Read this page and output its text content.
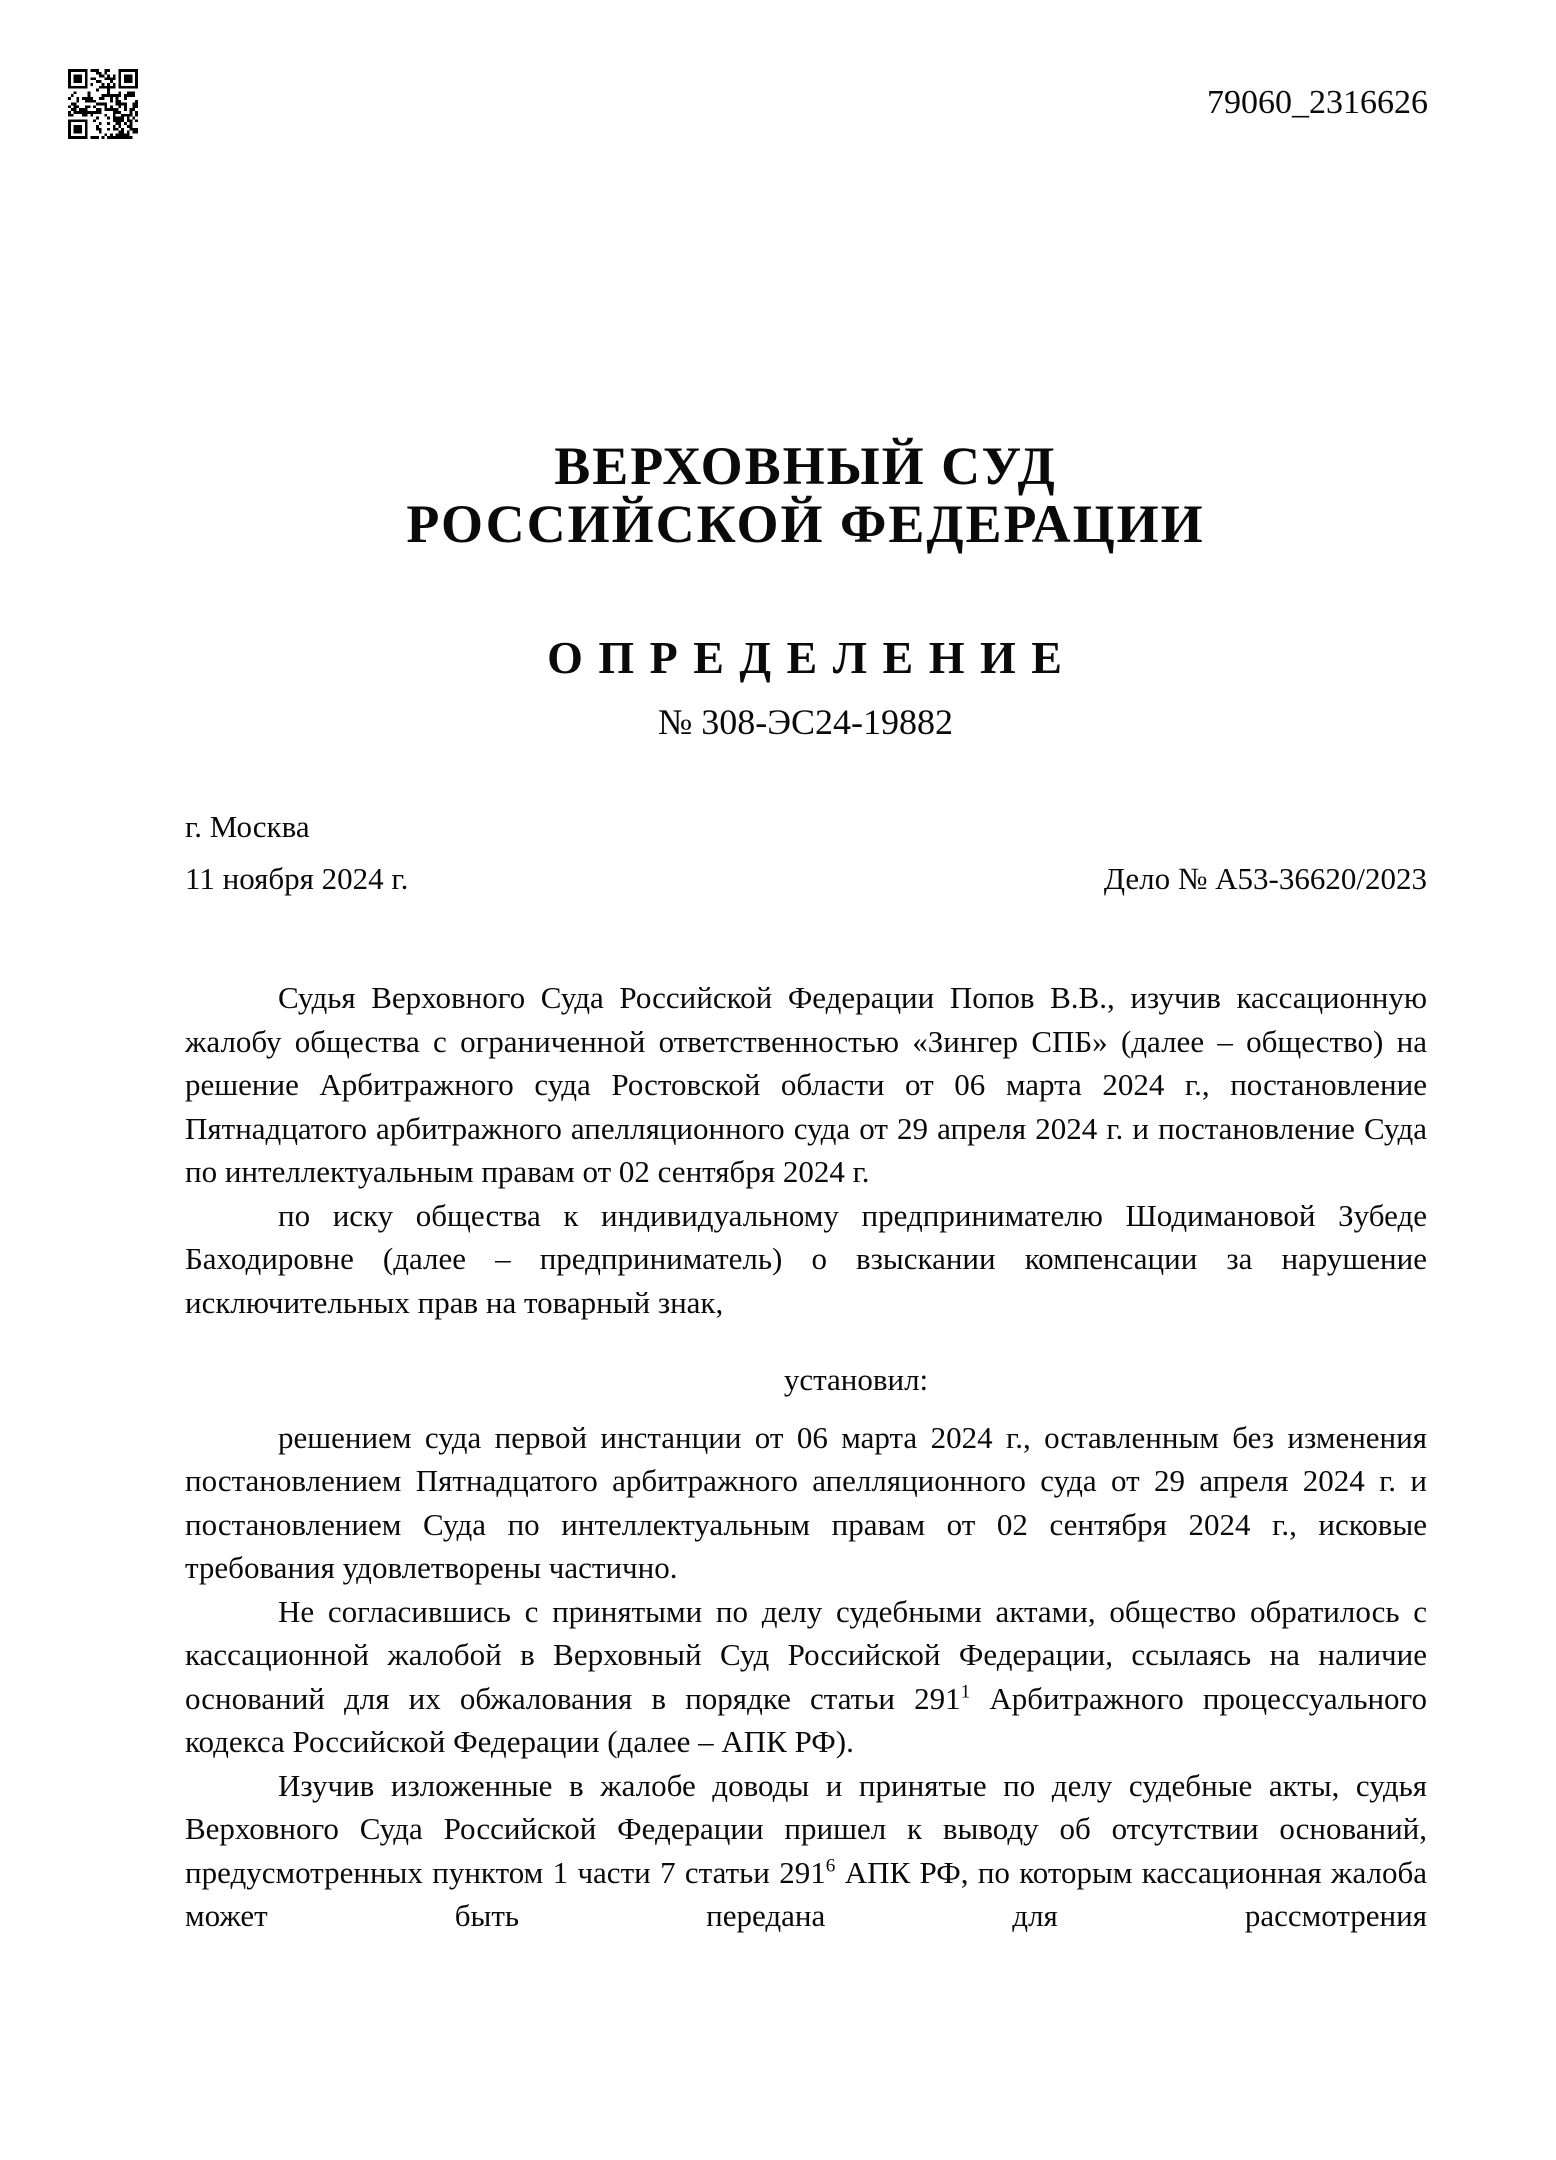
79060_2316626
ВЕРХОВНЫЙ СУД
РОССИЙСКОЙ ФЕДЕРАЦИИ
О П Р Е Д Е Л Е Н И Е
№ 308-ЭС24-19882
г. Москва
11 ноября 2024 г.	Дело № А53-36620/2023

Судья Верховного Суда Российской Федерации Попов В.В., изучив кассационную жалобу общества с ограниченной ответственностью «Зингер СПБ» (далее – общество) на решение Арбитражного суда Ростовской области от 06 марта 2024 г., постановление Пятнадцатого арбитражного апелляционного суда от 29 апреля 2024 г. и постановление Суда по интеллектуальным правам от 02 сентября 2024 г.

по иску общества к индивидуальному предпринимателю Шодимановой Зубеде Баходировне (далее – предприниматель) о взыскании компенсации за нарушение исключительных прав на товарный знак,

установил:

решением суда первой инстанции от 06 марта 2024 г., оставленным без изменения постановлением Пятнадцатого арбитражного апелляционного суда от 29 апреля 2024 г. и постановлением Суда по интеллектуальным правам от 02 сентября 2024 г., исковые требования удовлетворены частично.

Не согласившись с принятыми по делу судебными актами, общество обратилось с кассационной жалобой в Верховный Суд Российской Федерации, ссылаясь на наличие оснований для их обжалования в порядке статьи $291^1$ Арбитражного процессуального кодекса Российской Федерации (далее – АПК РФ).

Изучив изложенные в жалобе доводы и принятые по делу судебные акты, судья Верховного Суда Российской Федерации пришел к выводу об отсутствии оснований, предусмотренных пунктом 1 части 7 статьи $291^6$ АПК РФ, по которым кассационная жалоба может быть передана для рассмотрения
